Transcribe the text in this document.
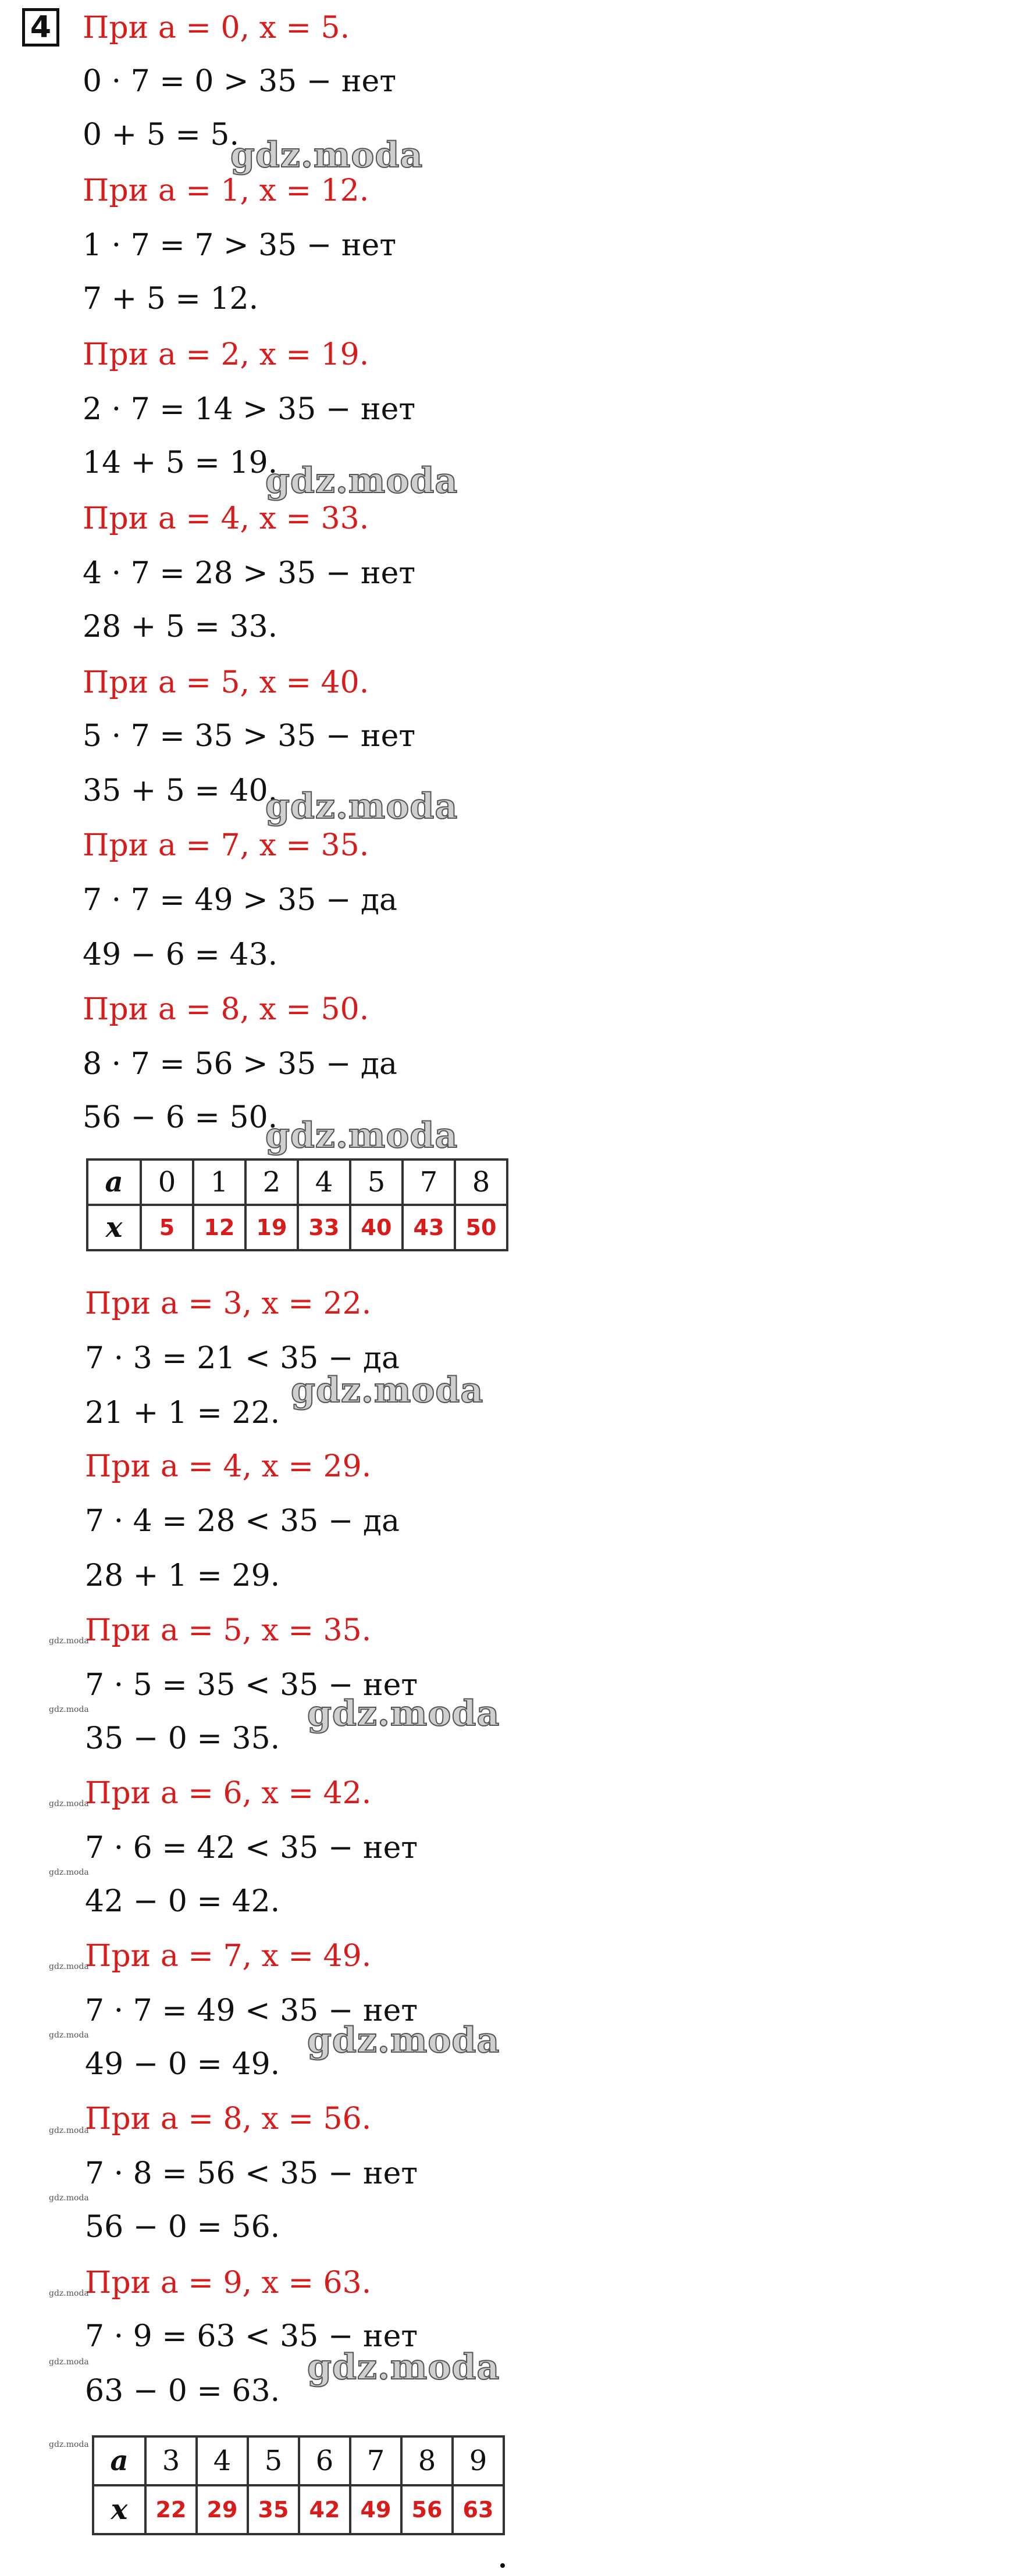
4 При a = 0, x = 5.
0 · 7 = 0 > 35 − нет
0 + 5 = 5.
При a = 1, x = 12.
1 · 7 = 7 > 35 − нет
7 + 5 = 12.
При a = 2, x = 19.
2 · 7 = 14 > 35 − нет
14 + 5 = 19.
При a = 4, x = 33.
4 · 7 = 28 > 35 − нет
28 + 5 = 33.
При a = 5, x = 40.
5 · 7 = 35 > 35 − нет
35 + 5 = 40.
При a = 7, x = 35.
7 · 7 = 49 > 35 − да
49 − 6 = 43.
При a = 8, x = 50.
8 · 7 = 56 > 35 − да
56 − 6 = 50.
gdz.moda
gdz.moda
gdz.moda
gdz.moda
a	0	1	2	4	5	7	8
x	5	12	19	33	40	43	50
При a = 3, x = 22.
7 · 3 = 21 < 35 − да
21 + 1 = 22.
При a = 4, x = 29.
7 · 4 = 28 < 35 − да
28 + 1 = 29.
При a = 5, x = 35.
7 · 5 = 35 < 35 − нет
35 − 0 = 35.
При a = 6, x = 42.
7 · 6 = 42 < 35 − нет
42 − 0 = 42.
При a = 7, x = 49.
7 · 7 = 49 < 35 − нет
49 − 0 = 49.
При a = 8, x = 56.
7 · 8 = 56 < 35 − нет
56 − 0 = 56.
При a = 9, x = 63.
7 · 9 = 63 < 35 − нет
63 − 0 = 63.
gdz.moda
gdz.moda
gdz.moda
gdz.moda
gdz.moda
gdz.moda
gdz.moda
gdz.moda
gdz.moda
gdz.moda
gdz.moda
gdz.moda
gdz.moda
gdz.moda
gdz.moda a	3	4	5	6	7	8	9
x	22	29	35	42	49	56	63
